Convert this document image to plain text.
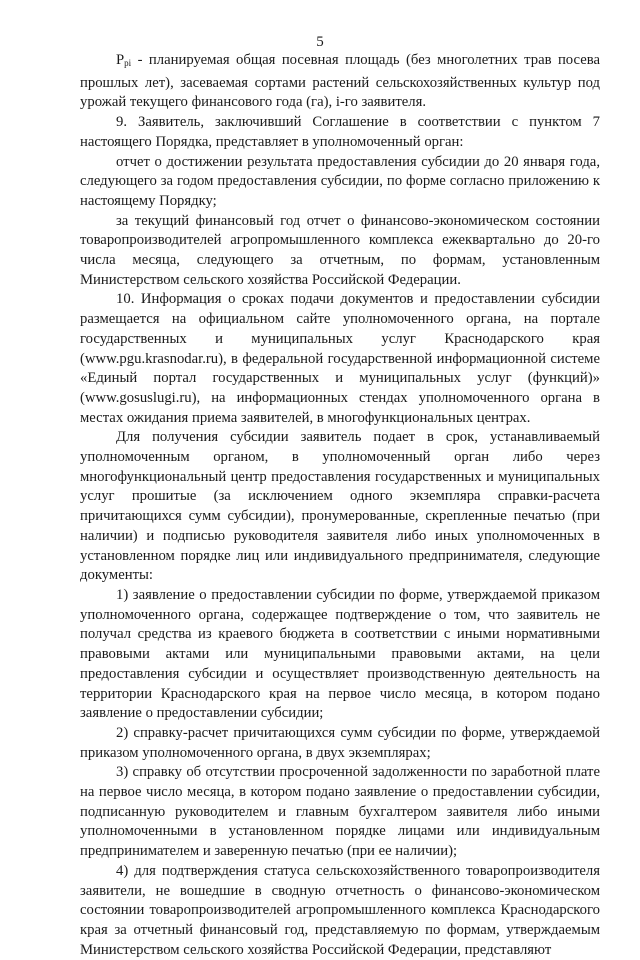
5

$P_{pi}$ - планируемая общая посевная площадь (без многолетних трав посева прошлых лет), засеваемая сортами растений сельскохозяйственных культур под урожай текущего финансового года (га), i-го заявителя.

9. Заявитель, заключивший Соглашение в соответствии с пунктом 7 настоящего Порядка, представляет в уполномоченный орган:

отчет о достижении результата предоставления субсидии до 20 января года, следующего за годом предоставления субсидии, по форме согласно приложению к настоящему Порядку;

за текущий финансовый год отчет о финансово-экономическом состоянии товаропроизводителей агропромышленного комплекса ежеквартально до 20-го числа месяца, следующего за отчетным, по формам, установленным Министерством сельского хозяйства Российской Федерации.

10. Информация о сроках подачи документов и предоставлении субсидии размещается на официальном сайте уполномоченного органа, на портале государственных и муниципальных услуг Краснодарского края (www.pgu.krasnodar.ru), в федеральной государственной информационной системе «Единый портал государственных и муниципальных услуг (функций)» (www.gosuslugi.ru), на информационных стендах уполномоченного органа в местах ожидания приема заявителей, в многофункциональных центрах.

Для получения субсидии заявитель подает в срок, устанавливаемый уполномоченным органом, в уполномоченный орган либо через многофункциональный центр предоставления государственных и муниципальных услуг прошитые (за исключением одного экземпляра справки-расчета причитающихся сумм субсидии), пронумерованные, скрепленные печатью (при наличии) и подписью руководителя заявителя либо иных уполномоченных в установленном порядке лиц или индивидуального предпринимателя, следующие документы:

1) заявление о предоставлении субсидии по форме, утверждаемой приказом уполномоченного органа, содержащее подтверждение о том, что заявитель не получал средства из краевого бюджета в соответствии с иными нормативными правовыми актами или муниципальными правовыми актами, на цели предоставления субсидии и осуществляет производственную деятельность на территории Краснодарского края на первое число месяца, в котором подано заявление о предоставлении субсидии;

2) справку-расчет причитающихся сумм субсидии по форме, утверждаемой приказом уполномоченного органа, в двух экземплярах;

3) справку об отсутствии просроченной задолженности по заработной плате на первое число месяца, в котором подано заявление о предоставлении субсидии, подписанную руководителем и главным бухгалтером заявителя либо иными уполномоченными в установленном порядке лицами или индивидуальным предпринимателем и заверенную печатью (при ее наличии);

4) для подтверждения статуса сельскохозяйственного товаропроизводителя заявители, не вошедшие в сводную отчетность о финансово-экономическом состоянии товаропроизводителей агропромышленного комплекса Краснодарского края за отчетный финансовый год, представляемую по формам, утверждаемым Министерством сельского хозяйства Российской Федерации, представляют
